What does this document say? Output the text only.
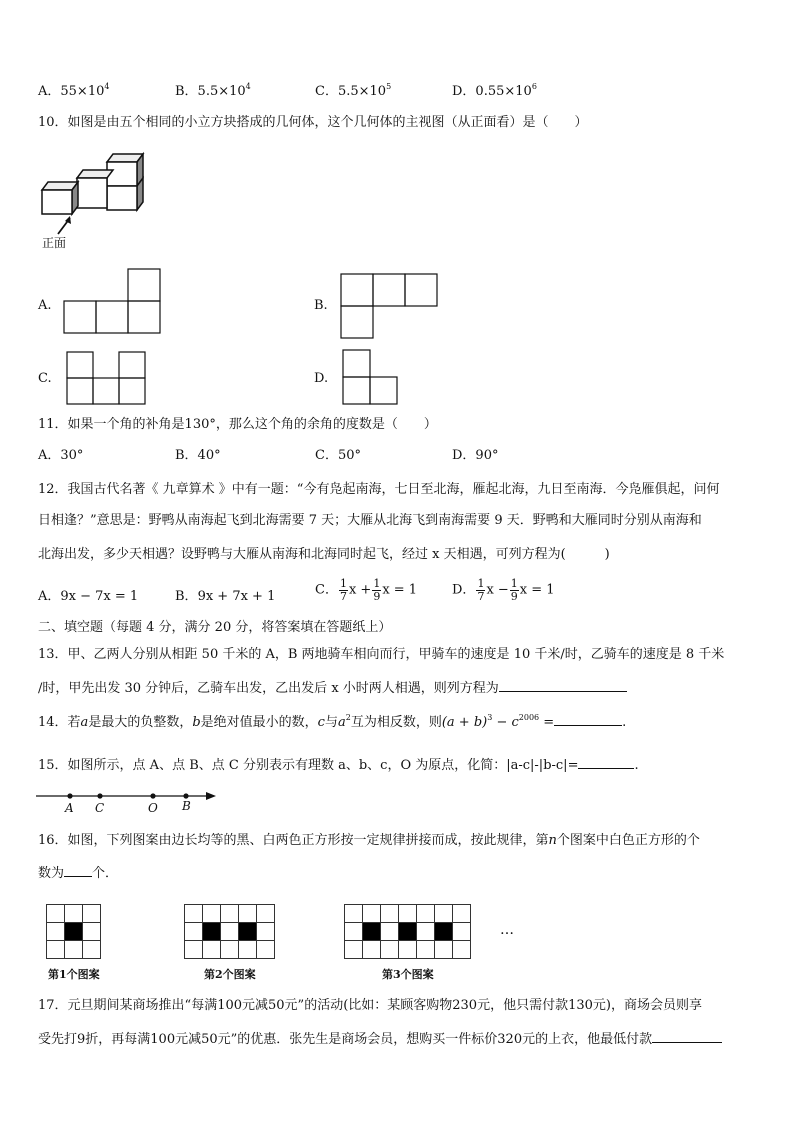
A．$55\times 10^4$	B．$5.5\times 10^4$	C．$5.5\times 10^5$	D．$0.55\times 10^6$
10．如图是由五个相同的小立方块搭成的几何体，这个几何体的主视图（从正面看）是（　　）
正面
A.	B.
C.	D.
11．如果一个角的补角是130°，那么这个角的余角的度数是（　　）
A．30°	B．40°	C．50°	D．90°
12．我国古代名著《 九章算术 》中有一题：“今有凫起南海，七日至北海，雁起北海，九日至南海．今凫雁俱起，问何
日相逢？”意思是：野鸭从南海起飞到北海需要 7 天；大雁从北海飞到南海需要 9 天．野鸭和大雁同时分别从南海和
北海出发，多少天相遇？设野鸭与大雁从南海和北海同时起飞，经过 x 天相遇，可列方程为(　　　)
A．9x − 7x = 1	B．9x + 7x + 1	C． $\frac{1}{7}$ $x + \frac{1}{9}$ x = 1	D． $\frac{1}{7}$ $x - \frac{1}{9}$ x = 1
二、填空题（每题 4 分，满分 20 分，将答案填在答题纸上）
13．甲、乙两人分别从相距 50 千米的 A，B 两地骑车相向而行，甲骑车的速度是 10 千米/时，乙骑车的速度是 8 千米
/时，甲先出发 30 分钟后，乙骑车出发，乙出发后 x 小时两人相遇，则列方程为
14．若a是最大的负整数，b是绝对值最小的数，c与$a^2$互为相反数，则$(a + b)^3 - c^{2006}$ =	.
15．如图所示，点 A、点 B、点 C 分别表示有理数 a、b、c，O 为原点，化简：|a-c|-|b-c|=	.
A C	O B
16．如图，下列图案由边长均等的黑、白两色正方形按一定规律拼接而成，按此规律，第n个图案中白色正方形的个
数为 个．
第1个图案	第2个图案	第3个图案
…
17．元旦期间某商场推出“每满100元减50元”的活动(比如：某顾客购物230元，他只需付款130元)，商场会员则享
受先打9折，再每满100元减50元”的优惠．张先生是商场会员，想购买一件标价320元的上衣，他最低付款
